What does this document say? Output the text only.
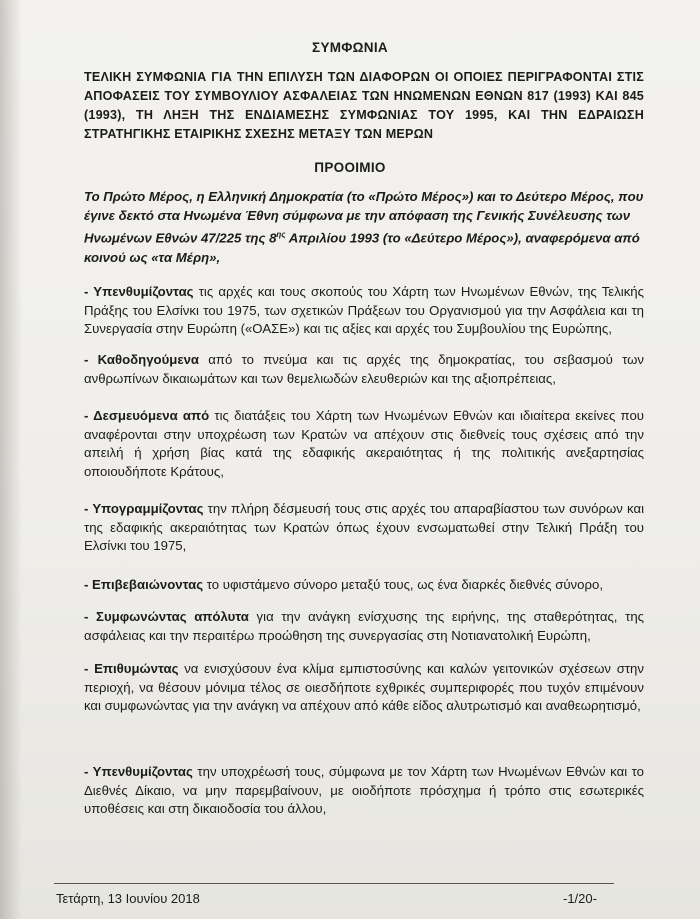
ΣΥΜΦΩΝΙΑ
ΤΕΛΙΚΗ ΣΥΜΦΩΝΙΑ ΓΙΑ ΤΗΝ ΕΠΙΛΥΣΗ ΤΩΝ ΔΙΑΦΟΡΩΝ ΟΙ ΟΠΟΙΕΣ ΠΕΡΙΓΡΑΦΟΝΤΑΙ ΣΤΙΣ ΑΠΟΦΑΣΕΙΣ ΤΟΥ ΣΥΜΒΟΥΛΙΟΥ ΑΣΦΑΛΕΙΑΣ ΤΩΝ ΗΝΩΜΕΝΩΝ ΕΘΝΩΝ 817 (1993) ΚΑΙ 845 (1993), ΤΗ ΛΗΞΗ ΤΗΣ ΕΝΔΙΑΜΕΣΗΣ ΣΥΜΦΩΝΙΑΣ ΤΟΥ 1995, ΚΑΙ ΤΗΝ ΕΔΡΑΙΩΣΗ ΣΤΡΑΤΗΓΙΚΗΣ ΕΤΑΙΡΙΚΗΣ ΣΧΕΣΗΣ ΜΕΤΑΞΥ ΤΩΝ ΜΕΡΩΝ
ΠΡΟΟΙΜΙΟ
Το Πρώτο Μέρος, η Ελληνική Δημοκρατία (το «Πρώτο Μέρος») και το Δεύτερο Μέρος, που έγινε δεκτό στα Ηνωμένα Έθνη σύμφωνα με την απόφαση της Γενικής Συνέλευσης των Ηνωμένων Εθνών 47/225 της $8^{\eta\varsigma}$ Απριλίου 1993 (το «Δεύτερο Μέρος»), αναφερόμενα από κοινού ως «τα Μέρη»,
- Υπενθυμίζοντας τις αρχές και τους σκοπούς του Χάρτη των Ηνωμένων Εθνών, της Τελικής Πράξης του Ελσίνκι του 1975, των σχετικών Πράξεων του Οργανισμού για την Ασφάλεια και τη Συνεργασία στην Ευρώπη («ΟΑΣΕ») και τις αξίες και αρχές του Συμβουλίου της Ευρώπης,
- Καθοδηγούμενα από το πνεύμα και τις αρχές της δημοκρατίας, του σεβασμού των ανθρωπίνων δικαιωμάτων και των θεμελιωδών ελευθεριών και της αξιοπρέπειας,
- Δεσμευόμενα από τις διατάξεις του Χάρτη των Ηνωμένων Εθνών και ιδιαίτερα εκείνες που αναφέρονται στην υποχρέωση των Κρατών να απέχουν στις διεθνείς τους σχέσεις από την απειλή ή χρήση βίας κατά της εδαφικής ακεραιότητας ή της πολιτικής ανεξαρτησίας οποιουδήποτε Κράτους,
- Υπογραμμίζοντας την πλήρη δέσμευσή τους στις αρχές του απαραβίαστου των συνόρων και της εδαφικής ακεραιότητας των Κρατών όπως έχουν ενσωματωθεί στην Τελική Πράξη του Ελσίνκι του 1975,
- Επιβεβαιώνοντας το υφιστάμενο σύνορο μεταξύ τους, ως ένα διαρκές διεθνές σύνορο,
- Συμφωνώντας απόλυτα για την ανάγκη ενίσχυσης της ειρήνης, της σταθερότητας, της ασφάλειας και την περαιτέρω προώθηση της συνεργασίας στη Νοτιανατολική Ευρώπη,
- Επιθυμώντας να ενισχύσουν ένα κλίμα εμπιστοσύνης και καλών γειτονικών σχέσεων στην περιοχή, να θέσουν μόνιμα τέλος σε οιεσδήποτε εχθρικές συμπεριφορές που τυχόν επιμένουν και συμφωνώντας για την ανάγκη να απέχουν από κάθε είδος αλυτρωτισμό και αναθεωρητισμό,
- Υπενθυμίζοντας την υποχρέωσή τους, σύμφωνα με τον Χάρτη των Ηνωμένων Εθνών και το Διεθνές Δίκαιο, να μην παρεμβαίνουν, με οιοδήποτε πρόσχημα ή τρόπο στις εσωτερικές υποθέσεις και στη δικαιοδοσία του άλλου,
Τετάρτη, 13 Ιουνίου 2018	-1/20-
